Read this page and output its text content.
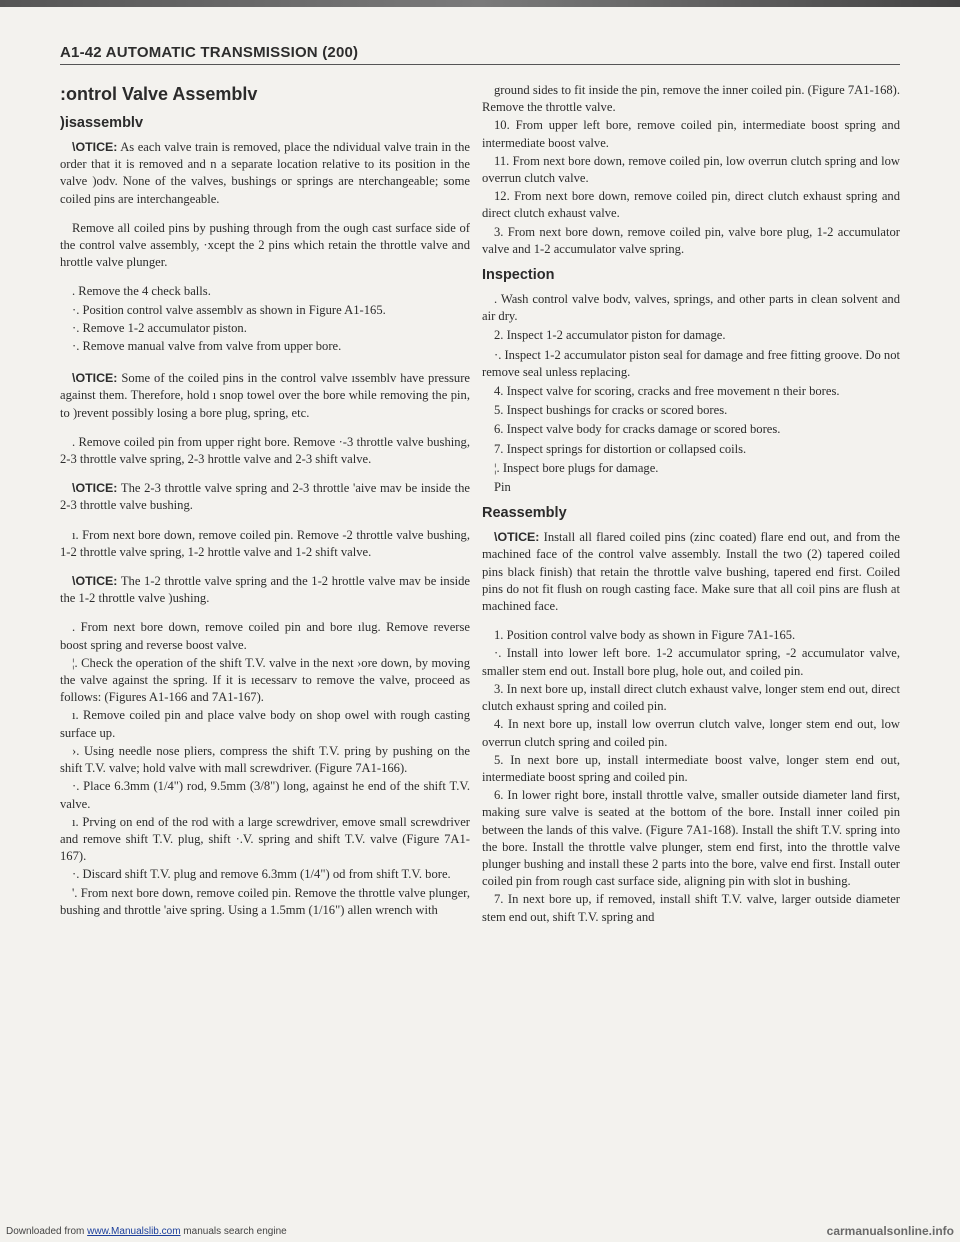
A1-42 AUTOMATIC TRANSMISSION (200)
:ontrol Valve Assemblv
)isassemblv

\OTICE: As each valve train is removed, place the ndividual valve train in the order that it is removed and n a separate location relative to its position in the valve )odv. None of the valves, bushings or springs are nterchangeable; some coiled pins are interchangeable.

Remove all coiled pins by pushing through from the ough cast surface side of the control valve assembly, ·xcept the 2 pins which retain the throttle valve and hrottle valve plunger.

. Remove the 4 check balls.

·. Position control valve assemblv as shown in Figure A1-165.

·. Remove 1-2 accumulator piston.

·. Remove manual valve from valve from upper bore.

\OTICE: Some of the coiled pins in the control valve ıssemblv have pressure against them. Therefore, hold ı snop towel over the bore while removing the pin, to )revent possibly losing a bore plug, spring, etc.

. Remove coiled pin from upper right bore. Remove ·-3 throttle valve bushing, 2-3 throttle valve spring, 2-3 hrottle valve and 2-3 shift valve.

\OTICE: The 2-3 throttle valve spring and 2-3 throttle 'aive mav be inside the 2-3 throttle valve bushing.

ı. From next bore down, remove coiled pin. Remove -2 throttle valve bushing, 1-2 throttle valve spring, 1-2 hrottle valve and 1-2 shift valve.

\OTICE: The 1-2 throttle valve spring and the 1-2 hrottle valve mav be inside the 1-2 throttle valve )ushing.

. From next bore down, remove coiled pin and bore ılug. Remove reverse boost spring and reverse boost valve.

¦. Check the operation of the shift T.V. valve in the next ›ore down, by moving the valve against the spring. If it is ıecessarv to remove the valve, proceed as follows: (Figures A1-166 and 7A1-167).

ı. Remove coiled pin and place valve body on shop owel with rough casting surface up.

›. Using needle nose pliers, compress the shift T.V. pring by pushing on the shift T.V. valve; hold valve with mall screwdriver. (Figure 7A1-166).

·. Place 6.3mm (1/4") rod, 9.5mm (3/8") long, against he end of the shift T.V. valve.

ı. Prving on end of the rod with a large screwdriver, emove small screwdriver and remove shift T.V. plug, shift ·.V. spring and shift T.V. valve (Figure 7A1-167).

·. Discard shift T.V. plug and remove 6.3mm (1/4") od from shift T.V. bore.

'. From next bore down, remove coiled pin. Remove the throttle valve plunger, bushing and throttle 'aive spring. Using a 1.5mm (1/16") allen wrench with

ground sides to fit inside the pin, remove the inner coiled pin. (Figure 7A1-168). Remove the throttle valve.

10. From upper left bore, remove coiled pin, intermediate boost spring and intermediate boost valve.

11. From next bore down, remove coiled pin, low overrun clutch spring and low overrun clutch valve.

12. From next bore down, remove coiled pin, direct clutch exhaust spring and direct clutch exhaust valve.

3. From next bore down, remove coiled pin, valve bore plug, 1-2 accumulator valve and 1-2 accumulator valve spring.

Inspection

. Wash control valve bodv, valves, springs, and other parts in clean solvent and air dry.

2. Inspect 1-2 accumulator piston for damage.

·. Inspect 1-2 accumulator piston seal for damage and free fitting groove. Do not remove seal unless replacing.

4. Inspect valve for scoring, cracks and free movement n their bores.

5. Inspect bushings for cracks or scored bores.

6. Inspect valve body for cracks damage or scored bores.

7. Inspect springs for distortion or collapsed coils.

¦. Inspect bore plugs for damage.

Pin

Reassembly

\OTICE: Install all flared coiled pins (zinc coated) flare end out, and from the machined face of the control valve assembly. Install the two (2) tapered coiled pins black finish) that retain the throttle valve bushing, tapered end first. Coiled pins do not fit flush on rough casting face. Make sure that all coil pins are flush at machined face.

1. Position control valve body as shown in Figure 7A1-165.

·. Install into lower left bore. 1-2 accumulator spring, -2 accumulator valve, smaller stem end out. Install bore plug, hole out, and coiled pin.

3. In next bore up, install direct clutch exhaust valve, longer stem end out, direct clutch exhaust spring and coiled pin.

4. In next bore up, install low overrun clutch valve, longer stem end out, low overrun clutch spring and coiled pin.

5. In next bore up, install intermediate boost valve, longer stem end out, intermediate boost spring and coiled pin.

6. In lower right bore, install throttle valve, smaller outside diameter land first, making sure valve is seated at the bottom of the bore. Install inner coiled pin between the lands of this valve. (Figure 7A1-168). Install the shift T.V. spring into the bore. Install the throttle valve plunger, stem end first, into the throttle valve plunger bushing and install these 2 parts into the bore, valve end first. Install outer coiled pin from rough cast surface side, aligning pin with slot in bushing.

7. In next bore up, if removed, install shift T.V. valve, larger outside diameter stem end out, shift T.V. spring and

Downloaded from www.Manualslib.com manuals search engine	carmanualsonline.info
